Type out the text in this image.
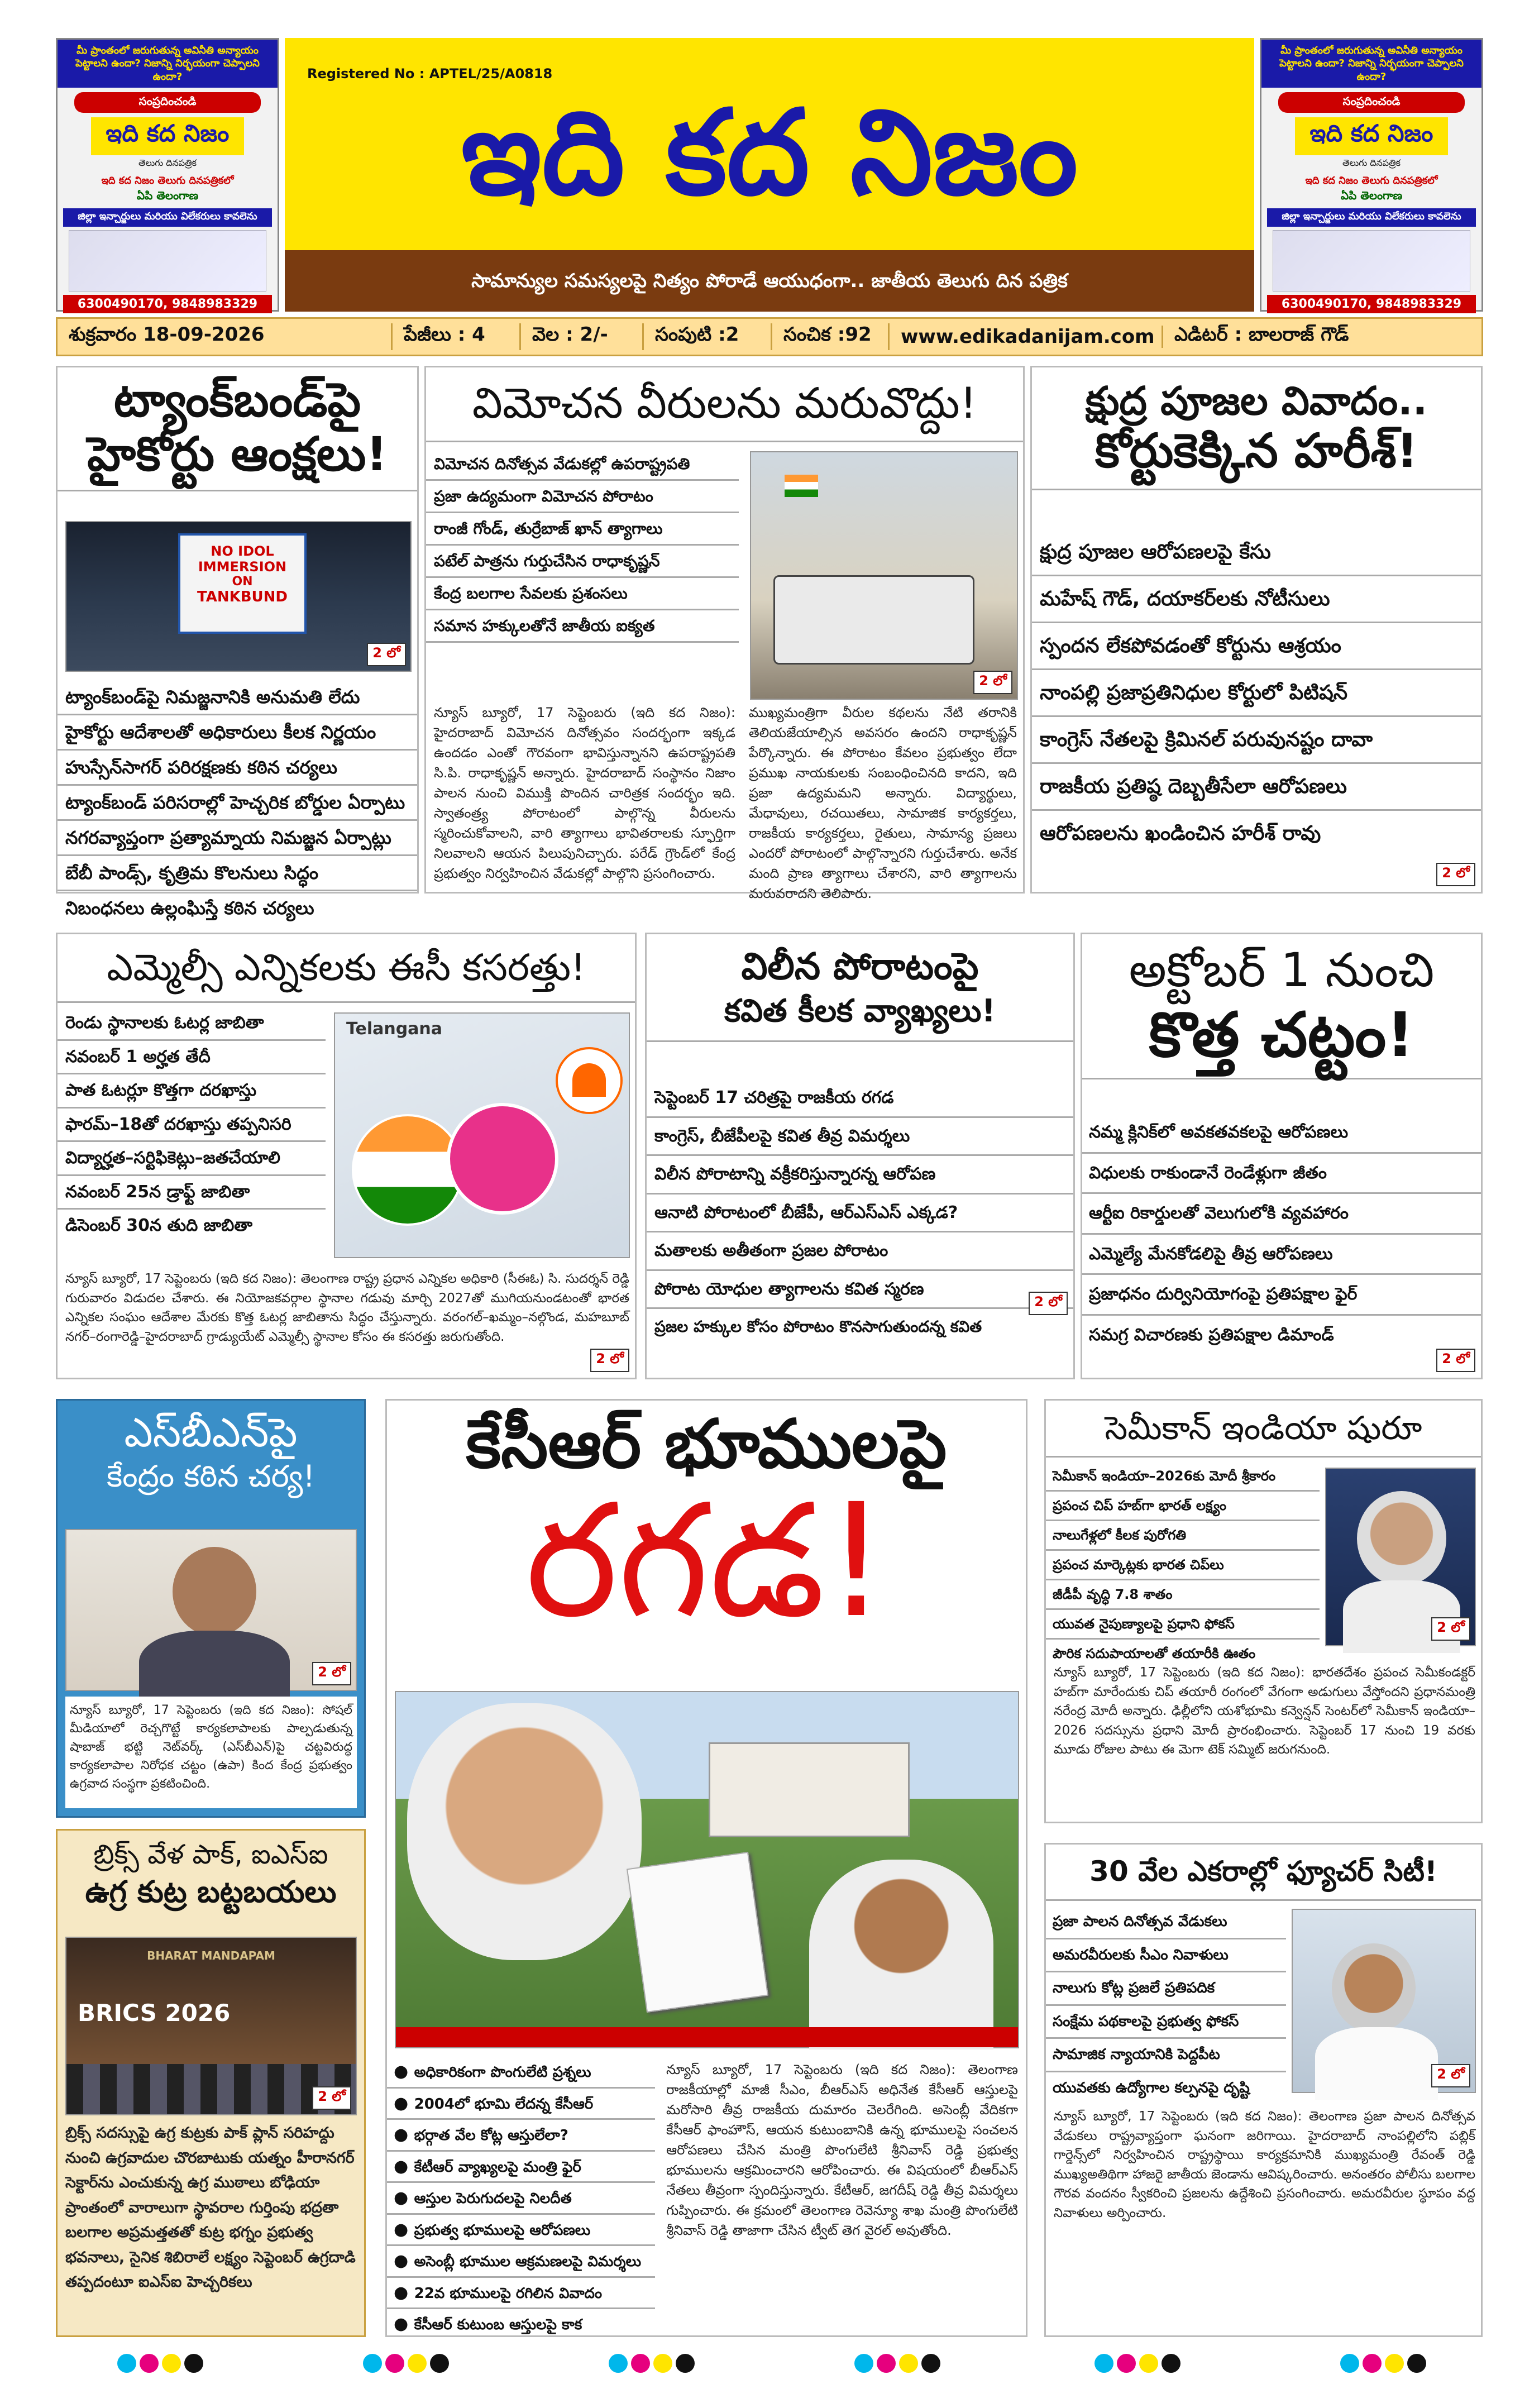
మీ ప్రాంతంలో జరుగుతున్న అవినీతి అన్యాయం పెట్టాలని ఉందా? నిజాన్ని నిర్భయంగా చెప్పాలని ఉందా?
సంప్రదించండి
ఇది కద నిజం
తెలుగు దినపత్రిక
ఇది కద నిజం తెలుగు దినపత్రికలో
ఏపి తెలంగాణ
జిల్లా ఇన్చార్జులు మరియు విలేకరులు కావలెను
6300490170, 9848983329
మీ ప్రాంతంలో జరుగుతున్న అవినీతి అన్యాయం పెట్టాలని ఉందా? నిజాన్ని నిర్భయంగా చెప్పాలని ఉందా?
సంప్రదించండి
ఇది కద నిజం
తెలుగు దినపత్రిక
ఇది కద నిజం తెలుగు దినపత్రికలో
ఏపి తెలంగాణ
జిల్లా ఇన్చార్జులు మరియు విలేకరులు కావలెను
6300490170, 9848983329
Registered No : APTEL/25/A0818
ఇది కద నిజం
సామాన్యుల సమస్యలపై నిత్యం పోరాడే ఆయుధంగా.. జాతీయ తెలుగు దిన పత్రిక
శుక్రవారం 18-09-2026	పేజీలు : 4	వెల : 2/-	సంపుటి :2	సంచిక :92	www.edikadanijam.com	ఎడిటర్ : బాలరాజ్ గౌడ్
ట్యాంక్‌బండ్‌పై
హైకోర్టు ఆంక్షలు!
NO IDOL IMMERSION
ON
TANKBUND
2 లో
ట్యాంక్‌బండ్‌పై నిమజ్జనానికి అనుమతి లేదు
హైకోర్టు ఆదేశాలతో అధికారులు కీలక నిర్ణయం
హుస్సేన్‌సాగర్ పరిరక్షణకు కఠిన చర్యలు
ట్యాంక్‌బండ్ పరిసరాల్లో హెచ్చరిక బోర్డుల ఏర్పాటు
నగరవ్యాప్తంగా ప్రత్యామ్నాయ నిమజ్జన ఏర్పాట్లు
బేబీ పాండ్స్, కృత్రిమ కొలనులు సిద్ధం
నిబంధనలు ఉల్లంఘిస్తే కఠిన చర్యలు
విమోచన వీరులను మరువొద్దు!
విమోచన దినోత్సవ వేడుకల్లో ఉపరాష్ట్రపతి
ప్రజా ఉద్యమంగా విమోచన పోరాటం
రాంజీ గోండ్, తుర్రేబాజ్ ఖాన్ త్యాగాలు
పటేల్ పాత్రను గుర్తుచేసిన రాధాకృష్ణన్
కేంద్ర బలగాల సేవలకు ప్రశంసలు
సమాన హక్కులతోనే జాతీయ ఐక్యత
2 లో
న్యూస్ బ్యూరో, 17 సెప్టెంబరు (ఇది కద నిజం): హైదరాబాద్ విమోచన దినోత్సవం సందర్భంగా ఇక్కడ ఉందడం ఎంతో గౌరవంగా భావిస్తున్నానని ఉపరాష్ట్రపతి సి.పి. రాధాకృష్ణన్ అన్నారు. హైదరాబాద్ సంస్థానం నిజాం పాలన నుంచి విముక్తి పొందిన చారిత్రక సందర్భం ఇది. స్వాతంత్ర్య పోరాటంలో పాల్గొన్న వీరులను స్మరించుకోవాలని, వారి త్యాగాలు భావితరాలకు స్ఫూర్తిగా నిలవాలని ఆయన పిలుపునిచ్చారు. పరేడ్ గ్రౌండ్‌లో కేంద్ర ప్రభుత్వం నిర్వహించిన వేడుకల్లో పాల్గొని ప్రసంగించారు.
ముఖ్యమంత్రిగా వీరుల కథలను నేటి తరానికి తెలియజేయాల్సిన అవసరం ఉందని రాధాకృష్ణన్ పేర్కొన్నారు. ఈ పోరాటం కేవలం ప్రభుత్వం లేదా ప్రముఖ నాయకులకు సంబంధించినది కాదని, ఇది ప్రజా ఉద్యమమని అన్నారు. విద్యార్థులు, మేధావులు, రచయితలు, సామాజిక కార్యకర్తలు, రాజకీయ కార్యకర్తలు, రైతులు, సామాన్య ప్రజలు ఎందరో పోరాటంలో పాల్గొన్నారని గుర్తుచేశారు. అనేక మంది ప్రాణ త్యాగాలు చేశారని, వారి త్యాగాలను మరువరాదని తెలిపారు.
క్షుద్ర పూజల వివాదం..
కోర్టుకెక్కిన హరీశ్!
క్షుద్ర పూజల ఆరోపణలపై కేసు
మహేష్ గౌడ్, దయాకర్‌లకు నోటీసులు
స్పందన లేకపోవడంతో కోర్టును ఆశ్రయం
నాంపల్లి ప్రజాప్రతినిధుల కోర్టులో పిటిషన్
కాంగ్రెస్ నేతలపై క్రిమినల్ పరువునష్టం దావా
రాజకీయ ప్రతిష్ఠ దెబ్బతీసేలా ఆరోపణలు
ఆరోపణలను ఖండించిన హరీశ్ రావు
2 లో
ఎమ్మెల్సీ ఎన్నికలకు ఈసీ కసరత్తు!
రెండు స్థానాలకు ఓటర్ల జాబితా
నవంబర్ 1 అర్హత తేదీ
పాత ఓటర్లూ కొత్తగా దరఖాస్తు
ఫారమ్–18తో దరఖాస్తు తప్పనిసరి
విద్యార్హత–సర్టిఫికెట్లు–జతచేయాలి
నవంబర్ 25న డ్రాఫ్ట్ జాబితా
డిసెంబర్ 30న తుది జాబితా
Telangana
న్యూస్ బ్యూరో, 17 సెప్టెంబరు (ఇది కద నిజం): తెలంగాణ రాష్ట్ర ప్రధాన ఎన్నికల అధికారి (సీఈఓ) సి. సుదర్శన్ రెడ్డి గురువారం విడుదల చేశారు. ఈ నియోజకవర్గాల స్థానాల గడువు మార్చి 2027తో ముగియనుండటంతో భారత ఎన్నికల సంఘం ఆదేశాల మేరకు కొత్త ఓటర్ల జాబితాను సిద్ధం చేస్తున్నారు. వరంగల్–ఖమ్మం–నల్గొండ, మహబూబ్ నగర్–రంగారెడ్డి–హైదరాబాద్ గ్రాడ్యుయేట్ ఎమ్మెల్సీ స్థానాల కోసం ఈ కసరత్తు జరుగుతోంది.
2 లో
విలీన పోరాటంపై
కవిత కీలక వ్యాఖ్యలు!
సెప్టెంబర్ 17 చరిత్రపై రాజకీయ రగడ
కాంగ్రెస్, బీజేపీలపై కవిత తీవ్ర విమర్శలు
విలీన పోరాటాన్ని వక్రీకరిస్తున్నారన్న ఆరోపణ
ఆనాటి పోరాటంలో బీజేపీ, ఆర్ఎస్ఎస్ ఎక్కడ?
మతాలకు అతీతంగా ప్రజల పోరాటం
పోరాట యోధుల త్యాగాలను కవిత స్మరణ
ప్రజల హక్కుల కోసం పోరాటం కొనసాగుతుందన్న కవిత
2 లో
అక్టోబర్ 1 నుంచి
కొత్త చట్టం!
నమ్మ క్లినిక్‌లో అవకతవకలపై ఆరోపణలు
విధులకు రాకుండానే రెండేళ్లుగా జీతం
ఆర్టీఐ రికార్డులతో వెలుగులోకి వ్యవహారం
ఎమ్మెల్యే మేనకోడలిపై తీవ్ర ఆరోపణలు
ప్రజాధనం దుర్వినియోగంపై ప్రతిపక్షాల ఫైర్
సమగ్ర విచారణకు ప్రతిపక్షాల డిమాండ్
2 లో
ఎస్‌బీఎన్‌పై
కేంద్రం కఠిన చర్య!
2 లో
న్యూస్ బ్యూరో, 17 సెప్టెంబరు (ఇది కద నిజం): సోషల్ మీడియాలో రెచ్చగొట్టే కార్యకలాపాలకు పాల్పడుతున్న షాబాజ్ భట్టి నెట్‌వర్క్ (ఎస్‌బీఎన్)పై చట్టవిరుద్ధ కార్యకలాపాల నిరోధక చట్టం (ఉపా) కింద కేంద్ర ప్రభుత్వం ఉగ్రవాద సంస్థగా ప్రకటించింది.
బ్రిక్స్ వేళ పాక్, ఐఎస్ఐ
ఉగ్ర కుట్ర బట్టబయలు
BHARAT MANDAPAM
BRICS 2026
2 లో
బ్రిక్స్ సదస్సుపై ఉగ్ర కుట్రకు పాక్ ప్లాన్ సరిహద్దు నుంచి ఉగ్రవాదుల చొరబాటుకు యత్నం హీరానగర్ సెక్టార్‌ను ఎంచుకున్న ఉగ్ర ముఠాలు బోఢియా ప్రాంతంలో వారాలుగా స్థావరాల గుర్తింపు భద్రతా బలగాల అప్రమత్తతతో కుట్ర భగ్నం ప్రభుత్వ భవనాలు, సైనిక శిబిరాలే లక్ష్యం సెప్టెంబర్ ఉగ్రదాడి తప్పదంటూ ఐఎస్ఐ హెచ్చరికలు
కేసీఆర్ భూములపై
రగడ!
● అధికారికంగా పొంగులేటి ప్రశ్నలు
● 2004లో భూమి లేదన్న కేసీఆర్
● భర్గాత వేల కోట్ల ఆస్తులేలా?
● కేటీఆర్ వ్యాఖ్యలపై మంత్రి ఫైర్
● ఆస్తుల పెరుగుదలపై నిలదీత
● ప్రభుత్వ భూములపై ఆరోపణలు
● అసెంబ్లీ భూముల ఆక్రమణలపై విమర్శలు
● 22వ భూములపై రగిలిన వివాదం
● కేసీఆర్ కుటుంబ ఆస్తులపై కాక
న్యూస్ బ్యూరో, 17 సెప్టెంబరు (ఇది కద నిజం): తెలంగాణ రాజకీయాల్లో మాజీ సీఎం, బీఆర్ఎస్ అధినేత కేసీఆర్ ఆస్తులపై మరోసారి తీవ్ర రాజకీయ దుమారం చెలరేగింది. అసెంబ్లీ వేదికగా కేసీఆర్ ఫాంహౌస్, ఆయన కుటుంబానికి ఉన్న భూములపై సంచలన ఆరోపణలు చేసిన మంత్రి పొంగులేటి శ్రీనివాస్ రెడ్డి ప్రభుత్వ భూములను ఆక్రమించారని ఆరోపించారు. ఈ విషయంలో బీఆర్ఎస్ నేతలు తీవ్రంగా స్పందిస్తున్నారు. కేటీఆర్, జగదీష్ రెడ్డి తీవ్ర విమర్శలు గుప్పించారు. ఈ క్రమంలో తెలంగాణ రెవెన్యూ శాఖ మంత్రి పొంగులేటి శ్రీనివాస్ రెడ్డి తాజాగా చేసిన ట్వీట్ తెగ వైరల్ అవుతోంది.
సెమీకాన్ ఇండియా షురూ
సెమీకాన్ ఇండియా–2026కు మోదీ శ్రీకారం
ప్రపంచ చిప్ హబ్‌గా భారత్ లక్ష్యం
నాలుగేళ్లలో కీలక పురోగతి
ప్రపంచ మార్కెట్లకు భారత చిప్‌లు
జీడీపీ వృద్ధి 7.8 శాతం
యువత నైపుణ్యాలపై ప్రధాని ఫోకస్
పౌరిక సదుపాయాలతో తయారీకి ఊతం
2 లో
న్యూస్ బ్యూరో, 17 సెప్టెంబరు (ఇది కద నిజం): భారతదేశం ప్రపంచ సెమీకండక్టర్ హబ్‌గా మారేందుకు చిప్ తయారీ రంగంలో వేగంగా అడుగులు వేస్తోందని ప్రధానమంత్రి నరేంద్ర మోదీ అన్నారు. ఢిల్లీలోని యశోభూమి కన్వెన్షన్ సెంటర్‌లో సెమీకాన్ ఇండియా–2026 సదస్సును ప్రధాని మోదీ ప్రారంభించారు. సెప్టెంబర్ 17 నుంచి 19 వరకు మూడు రోజుల పాటు ఈ మెగా టెక్ సమ్మిట్ జరుగనుంది.
30 వేల ఎకరాల్లో ఫ్యూచర్ సిటీ!
ప్రజా పాలన దినోత్సవ వేడుకలు
అమరవీరులకు సీఎం నివాళులు
నాలుగు కోట్ల ప్రజలే ప్రతిపదిక
సంక్షేమ పథకాలపై ప్రభుత్వ ఫోకస్
సామాజిక న్యాయానికి పెద్దపీట
యువతకు ఉద్యోగాల కల్పనపై దృష్టి
2 లో
న్యూస్ బ్యూరో, 17 సెప్టెంబరు (ఇది కద నిజం): తెలంగాణ ప్రజా పాలన దినోత్సవ వేడుకలు రాష్ట్రవ్యాప్తంగా ఘనంగా జరిగాయి. హైదరాబాద్ నాంపల్లిలోని పబ్లిక్ గార్డెన్స్‌లో నిర్వహించిన రాష్ట్రస్థాయి కార్యక్రమానికి ముఖ్యమంత్రి రేవంత్ రెడ్డి ముఖ్యఅతిథిగా హాజరై జాతీయ జెండాను ఆవిష్కరించారు. అనంతరం పోలీసు బలగాల గౌరవ వందనం స్వీకరించి ప్రజలను ఉద్దేశించి ప్రసంగించారు. అమరవీరుల స్థూపం వద్ద నివాళులు అర్పించారు.
